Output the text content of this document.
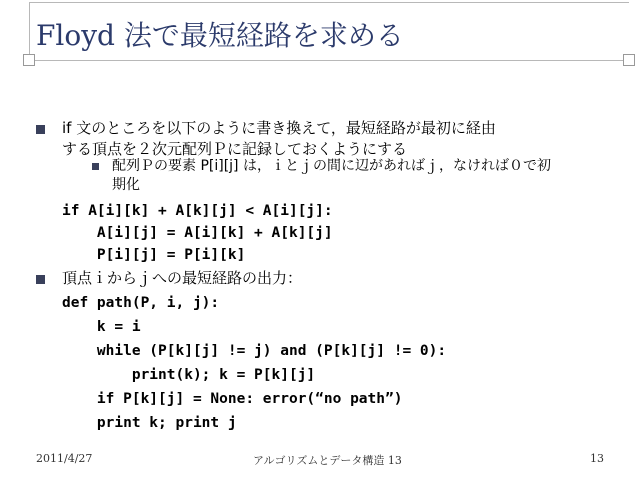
Floyd 法で最短経路を求める
if 文のところを以下のように書き換えて，最短経路が最初に経由
する頂点を２次元配列Ｐに記録しておくようにする
配列Ｐの要素 P[i][j] は，ｉとｊの間に辺があればｊ，なければ０で初
期化
if A[i][k] + A[k][j] < A[i][j]:
A[i][j] = A[i][k] + A[k][j]
P[i][j] = P[i][k]
頂点ｉからｊへの最短経路の出力：
def path(P, i, j):
k = i
while (P[k][j] != j) and (P[k][j] != 0):
print(k); k = P[k][j]
if P[k][j] = None: error(“no path”)
print k; print j
2011/4/27	アルゴリズムとデータ構造 13	13
